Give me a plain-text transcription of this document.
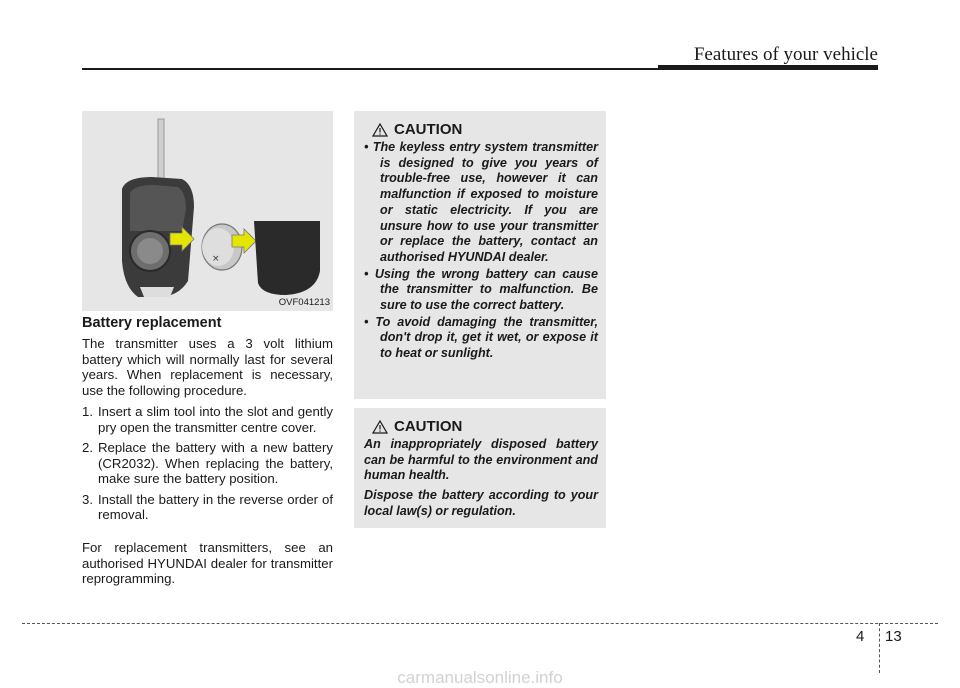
Features of your vehicle
×
OVF041213
Battery replacement

The transmitter uses a 3 volt lithium battery which will normally last for several years. When replacement is necessary, use the following procedure.

1. Insert a slim tool into the slot and gently pry open the transmitter centre cover.
2. Replace the battery with a new battery (CR2032). When replacing the battery, make sure the battery position.
3. Install the battery in the reverse order of removal.

For replacement transmitters, see an authorised HYUNDAI dealer for transmitter reprogramming.

CAUTION

• The keyless entry system transmitter is designed to give you years of trouble-free use, however it can malfunction if exposed to moisture or static electricity. If you are unsure how to use your transmitter or replace the battery, contact an authorised HYUNDAI dealer.

• Using the wrong battery can cause the transmitter to malfunction. Be sure to use the correct battery.

• To avoid damaging the transmitter, don't drop it, get it wet, or expose it to heat or sunlight.

CAUTION

An inappropriately disposed battery can be harmful to the environment and human health.

Dispose the battery according to your local law(s) or regulation.

4 13
carmanualsonline.info
